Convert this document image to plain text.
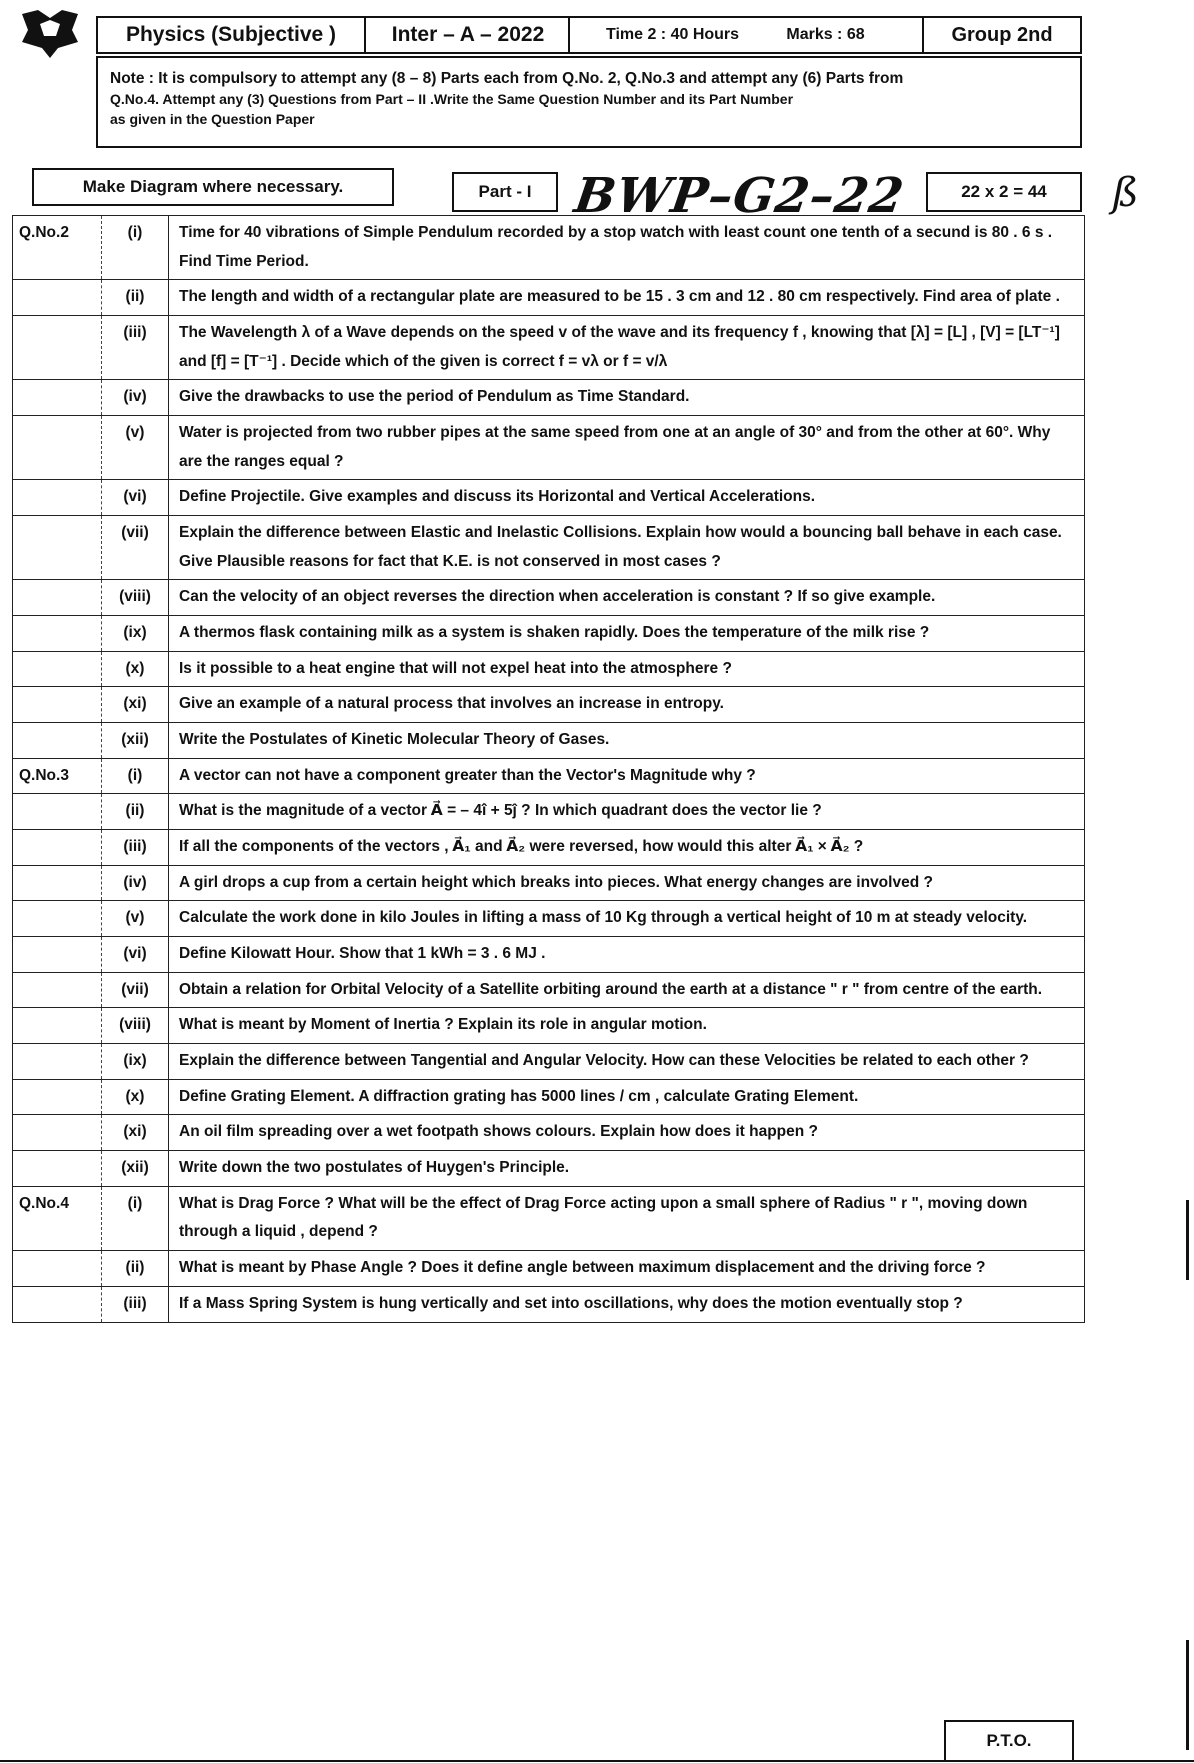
Physics (Subjective )	Inter – A – 2022	Time 2 : 40 Hours	Marks : 68	Group 2nd
Note : It is compulsory to attempt any (8 – 8) Parts each from Q.No. 2, Q.No.3 and attempt any (6) Parts from
Q.No.4. Attempt any (3) Questions from Part – II .Write the Same Question Number and its Part Number
as given in the Question Paper
Make Diagram where necessary.	Part - I BWP–G2–22	22 x 2 = 44 ß
Q.No.2	(i)	Time for 40 vibrations of Simple Pendulum recorded by a stop watch with least count one tenth of a secund is 80 . 6 s . Find Time Period.
	(ii)	The length and width of a rectangular plate are measured to be 15 . 3 cm and 12 . 80 cm respectively. Find area of plate .
	(iii)	The Wavelength λ of a Wave depends on the speed v of the wave and its frequency f , knowing that [λ] = [L] , [V] = [LT⁻¹] and [f] = [T⁻¹] . Decide which of the given is correct f = vλ or f = v/λ
	(iv)	Give the drawbacks to use the period of Pendulum as Time Standard.
	(v)	Water is projected from two rubber pipes at the same speed from one at an angle of 30° and from the other at 60°. Why are the ranges equal ?
	(vi)	Define Projectile. Give examples and discuss its Horizontal and Vertical Accelerations.
	(vii)	Explain the difference between Elastic and Inelastic Collisions. Explain how would a bouncing ball behave in each case. Give Plausible reasons for fact that K.E. is not conserved in most cases ?
	(viii)	Can the velocity of an object reverses the direction when acceleration is constant ? If so give example.
	(ix)	A thermos flask containing milk as a system is shaken rapidly. Does the temperature of the milk rise ?
	(x)	Is it possible to a heat engine that will not expel heat into the atmosphere ?
	(xi)	Give an example of a natural process that involves an increase in entropy.
	(xii)	Write the Postulates of Kinetic Molecular Theory of Gases.
Q.No.3	(i)	A vector can not have a component greater than the Vector's Magnitude why ?
	(ii)	What is the magnitude of a vector A⃗ = – 4î + 5ĵ ? In which quadrant does the vector lie ?
	(iii)	If all the components of the vectors , A⃗₁ and A⃗₂ were reversed, how would this alter A⃗₁ × A⃗₂ ?
	(iv)	A girl drops a cup from a certain height which breaks into pieces. What energy changes are involved ?
	(v)	Calculate the work done in kilo Joules in lifting a mass of 10 Kg through a vertical height of 10 m at steady velocity.
	(vi)	Define Kilowatt Hour. Show that 1 kWh = 3 . 6 MJ .
	(vii)	Obtain a relation for Orbital Velocity of a Satellite orbiting around the earth at a distance " r " from centre of the earth.
	(viii)	What is meant by Moment of Inertia ? Explain its role in angular motion.
	(ix)	Explain the difference between Tangential and Angular Velocity. How can these Velocities be related to each other ?
	(x)	Define Grating Element. A diffraction grating has 5000 lines / cm , calculate Grating Element.
	(xi)	An oil film spreading over a wet footpath shows colours. Explain how does it happen ?
	(xii)	Write down the two postulates of Huygen's Principle.
Q.No.4	(i)	What is Drag Force ? What will be the effect of Drag Force acting upon a small sphere of Radius " r ", moving down through a liquid , depend ?
	(ii)	What is meant by Phase Angle ? Does it define angle between maximum displacement and the driving force ?
	(iii)	If a Mass Spring System is hung vertically and set into oscillations, why does the motion eventually stop ?
P.T.O.
